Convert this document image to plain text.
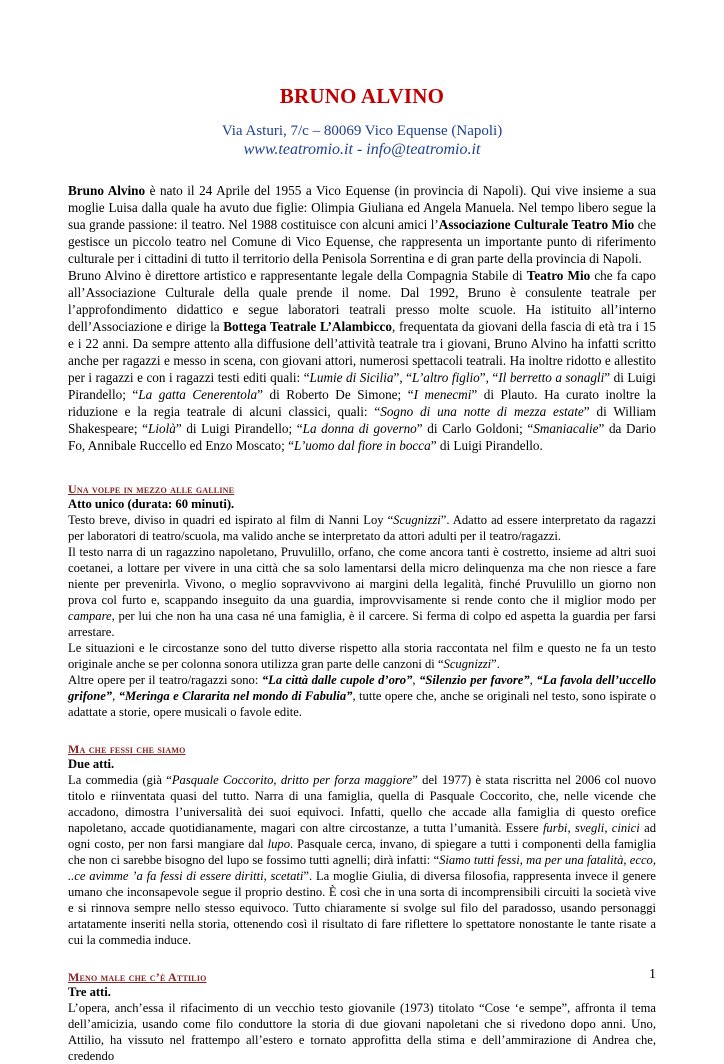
BRUNO ALVINO

Via Asturi, 7/c – 80069 Vico Equense (Napoli)

www.teatromio.it - info@teatromio.it

Bruno Alvino è nato il 24 Aprile del 1955 a Vico Equense (in provincia di Napoli). Qui vive insieme a sua moglie Luisa dalla quale ha avuto due figlie: Olimpia Giuliana ed Angela Manuela. Nel tempo libero segue la sua grande passione: il teatro. Nel 1988 costituisce con alcuni amici l’Associazione Culturale Teatro Mio che gestisce un piccolo teatro nel Comune di Vico Equense, che rappresenta un importante punto di riferimento culturale per i cittadini di tutto il territorio della Penisola Sorrentina e di gran parte della provincia di Napoli.

Bruno Alvino è direttore artistico e rappresentante legale della Compagnia Stabile di Teatro Mio che fa capo all’Associazione Culturale della quale prende il nome. Dal 1992, Bruno è consulente teatrale per l’approfondimento didattico e segue laboratori teatrali presso molte scuole. Ha istituito all’interno dell’Associazione e dirige la Bottega Teatrale L’Alambicco, frequentata da giovani della fascia di età tra i 15 e i 22 anni. Da sempre attento alla diffusione dell’attività teatrale tra i giovani, Bruno Alvino ha infatti scritto anche per ragazzi e messo in scena, con giovani attori, numerosi spettacoli teatrali. Ha inoltre ridotto e allestito per i ragazzi e con i ragazzi testi editi quali: “Lumie di Sicilia”, “L’altro figlio”, “Il berretto a sonagli” di Luigi Pirandello; “La gatta Cenerentola” di Roberto De Simone; “I menecmi” di Plauto. Ha curato inoltre la riduzione e la regia teatrale di alcuni classici, quali: “Sogno di una notte di mezza estate” di William Shakespeare; “Liolà” di Luigi Pirandello; “La donna di governo” di Carlo Goldoni; “Smaniacalie” da Dario Fo, Annibale Ruccello ed Enzo Moscato; “L’uomo dal fiore in bocca” di Luigi Pirandello.

Una volpe in mezzo alle galline

Atto unico (durata: 60 minuti).

Testo breve, diviso in quadri ed ispirato al film di Nanni Loy “Scugnizzi”. Adatto ad essere interpretato da ragazzi per laboratori di teatro/scuola, ma valido anche se interpretato da attori adulti per il teatro/ragazzi.

Il testo narra di un ragazzino napoletano, Pruvulillo, orfano, che come ancora tanti è costretto, insieme ad altri suoi coetanei, a lottare per vivere in una città che sa solo lamentarsi della micro delinquenza ma che non riesce a fare niente per prevenirla. Vivono, o meglio sopravvivono ai margini della legalità, finché Pruvulillo un giorno non prova col furto e, scappando inseguito da una guardia, improvvisamente si rende conto che il miglior modo per campare, per lui che non ha una casa né una famiglia, è il carcere. Si ferma di colpo ed aspetta la guardia per farsi arrestare.

Le situazioni e le circostanze sono del tutto diverse rispetto alla storia raccontata nel film e questo ne fa un testo originale anche se per colonna sonora utilizza gran parte delle canzoni di “Scugnizzi”.

Altre opere per il teatro/ragazzi sono: “La città dalle cupole d’oro”, “Silenzio per favore”, “La favola dell’uccello grifone”, “Meringa e Clararita nel mondo di Fabulia”, tutte opere che, anche se originali nel testo, sono ispirate o adattate a storie, opere musicali o favole edite.

Ma che fessi che siamo

Due atti.

La commedia (già “Pasquale Coccorito, dritto per forza maggiore” del 1977) è stata riscritta nel 2006 col nuovo titolo e riinventata quasi del tutto. Narra di una famiglia, quella di Pasquale Coccorito, che, nelle vicende che accadono, dimostra l’universalità dei suoi equivoci. Infatti, quello che accade alla famiglia di questo orefice napoletano, accade quotidianamente, magari con altre circostanze, a tutta l’umanità. Essere furbi, svegli, cinici ad ogni costo, per non farsi mangiare dal lupo. Pasquale cerca, invano, di spiegare a tutti i componenti della famiglia che non ci sarebbe bisogno del lupo se fossimo tutti agnelli; dirà infatti: “Siamo tutti fessi, ma per una fatalità, ecco, ..ce avimme ’a fa fessi di essere diritti, scetati”. La moglie Giulia, di diversa filosofia, rappresenta invece il genere umano che inconsapevole segue il proprio destino. È così che in una sorta di incomprensibili circuiti la società vive e si rinnova sempre nello stesso equivoco. Tutto chiaramente si svolge sul filo del paradosso, usando personaggi artatamente inseriti nella storia, ottenendo così il risultato di fare riflettere lo spettatore nonostante le tante risate a cui la commedia induce.

Meno male che c’è Attilio

Tre atti.

L’opera, anch’essa il rifacimento di un vecchio testo giovanile (1973) titolato “Cose ‘e sempe”, affronta il tema dell’amicizia, usando come filo conduttore la storia di due giovani napoletani che si rivedono dopo anni. Uno, Attilio, ha vissuto nel frattempo all’estero e tornato approfitta della stima e dell’ammirazione di Andrea che, credendo

1
